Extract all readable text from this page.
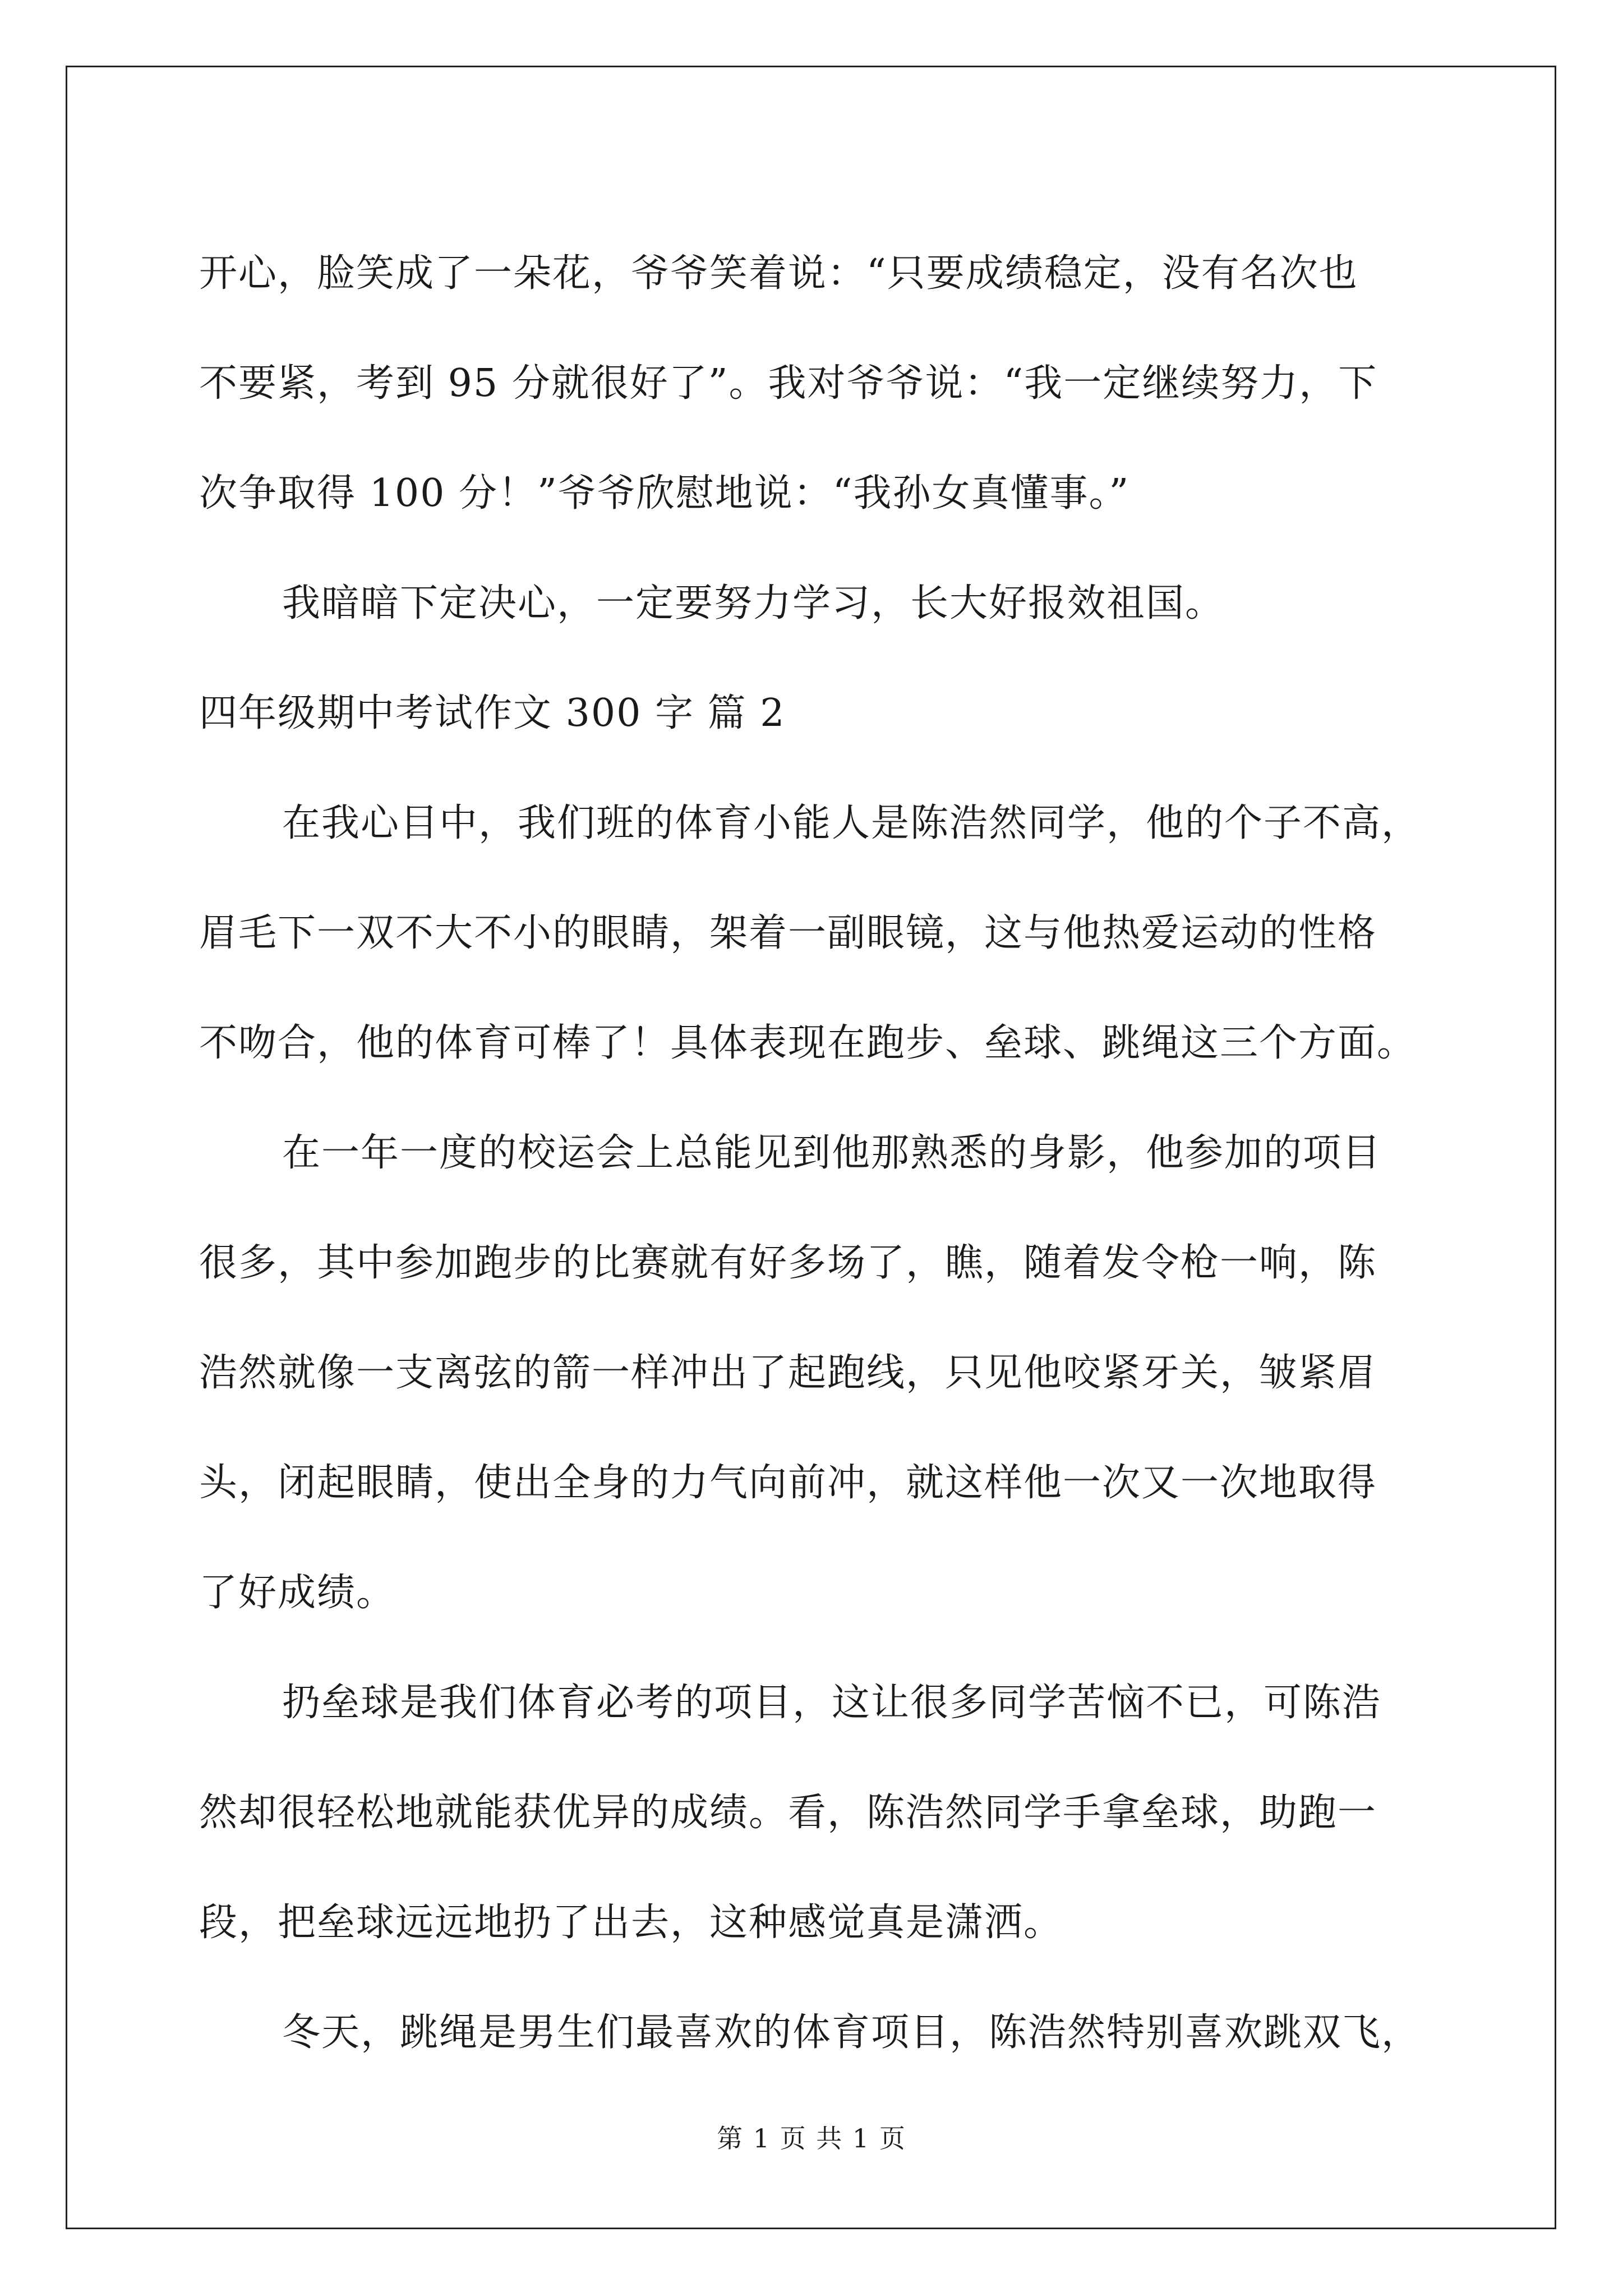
开心，脸笑成了一朵花，爷爷笑着说：“只要成绩稳定，没有名次也
不要紧，考到 95 分就很好了”。我对爷爷说：“我一定继续努力，下
次争取得 100 分！”爷爷欣慰地说：“我孙女真懂事。”
我暗暗下定决心，一定要努力学习，长大好报效祖国。
四年级期中考试作文 300 字 篇 2
在我心目中，我们班的体育小能人是陈浩然同学，他的个子不高，
眉毛下一双不大不小的眼睛，架着一副眼镜，这与他热爱运动的性格
不吻合，他的体育可棒了！具体表现在跑步、垒球、跳绳这三个方面。
在一年一度的校运会上总能见到他那熟悉的身影，他参加的项目
很多，其中参加跑步的比赛就有好多场了，瞧，随着发令枪一响，陈
浩然就像一支离弦的箭一样冲出了起跑线，只见他咬紧牙关，皱紧眉
头，闭起眼睛，使出全身的力气向前冲，就这样他一次又一次地取得
了好成绩。
扔垒球是我们体育必考的项目，这让很多同学苦恼不已，可陈浩
然却很轻松地就能获优异的成绩。看，陈浩然同学手拿垒球，助跑一
段，把垒球远远地扔了出去，这种感觉真是潇洒。
冬天，跳绳是男生们最喜欢的体育项目，陈浩然特别喜欢跳双飞，
第 1 页 共 1 页
